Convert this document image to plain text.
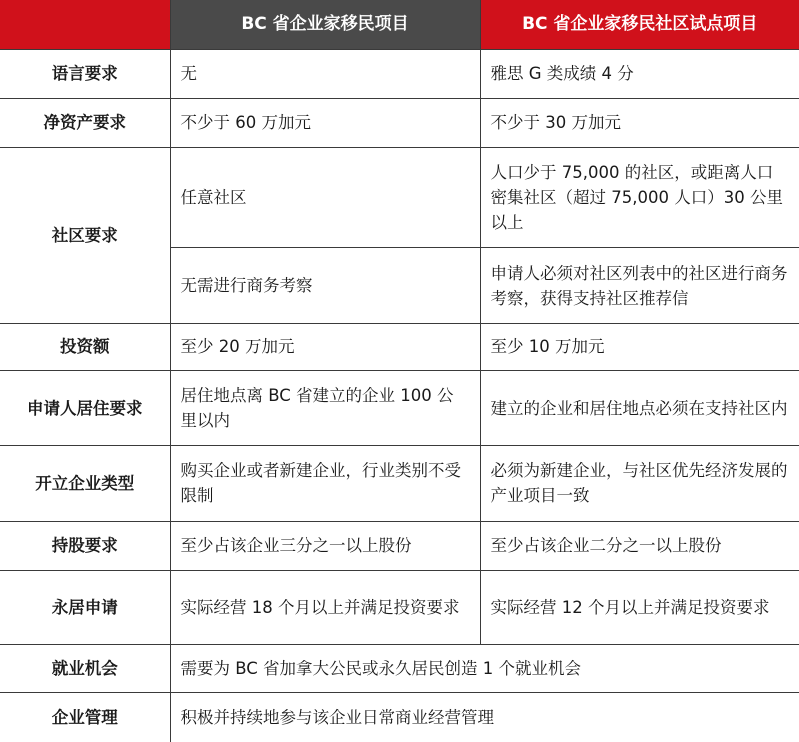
	BC 省企业家移民项目	BC 省企业家移民社区试点项目
语言要求	无	雅思 G 类成绩 4 分
净资产要求	不少于 60 万加元	不少于 30 万加元
社区要求	任意社区	人口少于 75,000 的社区，或距离人口密集社区（超过 75,000 人口）30 公里以上
	无需进行商务考察	申请人必须对社区列表中的社区进行商务考察，获得支持社区推荐信
投资额	至少 20 万加元	至少 10 万加元
申请人居住要求	居住地点离 BC 省建立的企业 100 公里以内	建立的企业和居住地点必须在支持社区内
开立企业类型	购买企业或者新建企业，行业类别不受限制	必须为新建企业，与社区优先经济发展的产业项目一致
持股要求	至少占该企业三分之一以上股份	至少占该企业二分之一以上股份
永居申请	实际经营 18 个月以上并满足投资要求	实际经营 12 个月以上并满足投资要求
就业机会	需要为 BC 省加拿大公民或永久居民创造 1 个就业机会	
企业管理	积极并持续地参与该企业日常商业经营管理	
